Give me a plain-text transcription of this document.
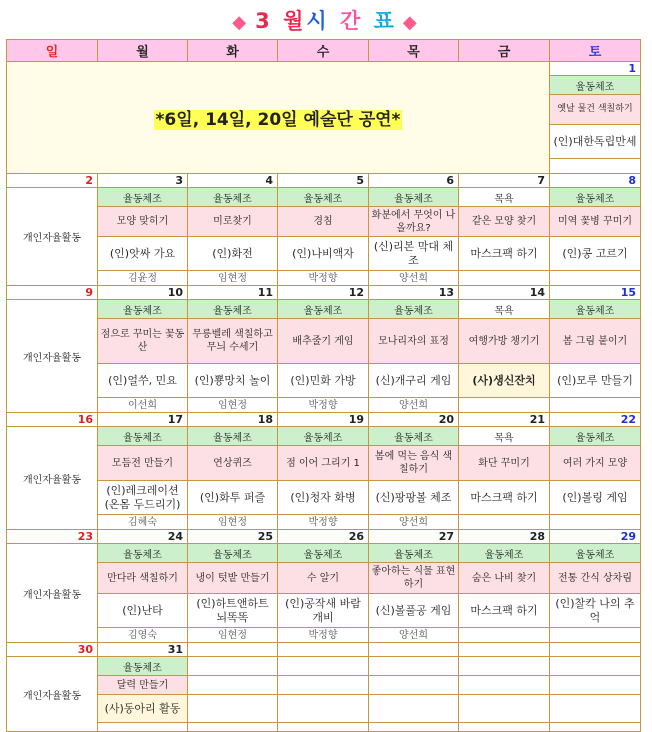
◆ 3 월시 간 표 ◆
일	월	화	수	목	금	토
*6일, 14일, 20일 예술단 공연*						1
						율동체조
						옛날 물건 색칠하기
						(인)대한독립만세

2	3	4	5	6	7	8
개인자율활동	율동체조	율동체조	율동체조	율동체조	목욕	율동체조
	모양 맞히기	미로찾기	경침	화분에서 무엇이 나올까요?	같은 모양 찾기	미역 꽃병 꾸미기
	(인)앗싸 가요	(인)화전	(인)나비액자	(신)리본 막대 체조	마스크팩 하기	(인)콩 고르기
	김윤정	임현정	박정향	양선희		
9	10	11	12	13	14	15
개인자율활동	율동체조	율동체조	율동체조	율동체조	목욕	율동체조
	점으로 꾸미는 꽃동산	무릉벨레 색칠하고 무늬 수세기	배추줄기 게임	모나리자의 표정	여행가방 챙기기	봄 그림 붙이기
	(인)얼쑤, 민요	(인)뿅망치 놀이	(인)민화 가방	(신)개구리 게임	(사)생신잔치	(인)모루 만들기
	이선희	임현정	박정향	양선희		
16	17	18	19	20	21	22
개인자율활동	율동체조	율동체조	율동체조	율동체조	목욕	율동체조
	모듬전 만들기	연상퀴즈	점 이어 그리기 1	봄에 먹는 음식 색칠하기	화단 꾸미기	여러 가지 모양
	(인)레크레이션 (온몸 두드리기)	(인)화투 퍼즐	(인)청자 화병	(신)팡팡볼 체조	마스크팩 하기	(인)볼링 게임
	김혜숙	임현정	박정향	양선희		
23	24	25	26	27	28	29
개인자율활동	율동체조	율동체조	율동체조	율동체조	율동체조	율동체조
	만다라 색칠하기	냉이 텃밭 만들기	수 알기	좋아하는 식물 표현하기	숨은 나비 찾기	전통 간식 상차림
	(인)난타	(인)하트앤하트 뇌똑똑	(인)공작새 바람개비	(신)볼풀공 게임	마스크팩 하기	(인)찰칵 나의 추억
	김영숙	임현정	박정향	양선희		
30	31					
개인자율활동	율동체조					
	달력 만들기					
	(사)동아리 활동					
